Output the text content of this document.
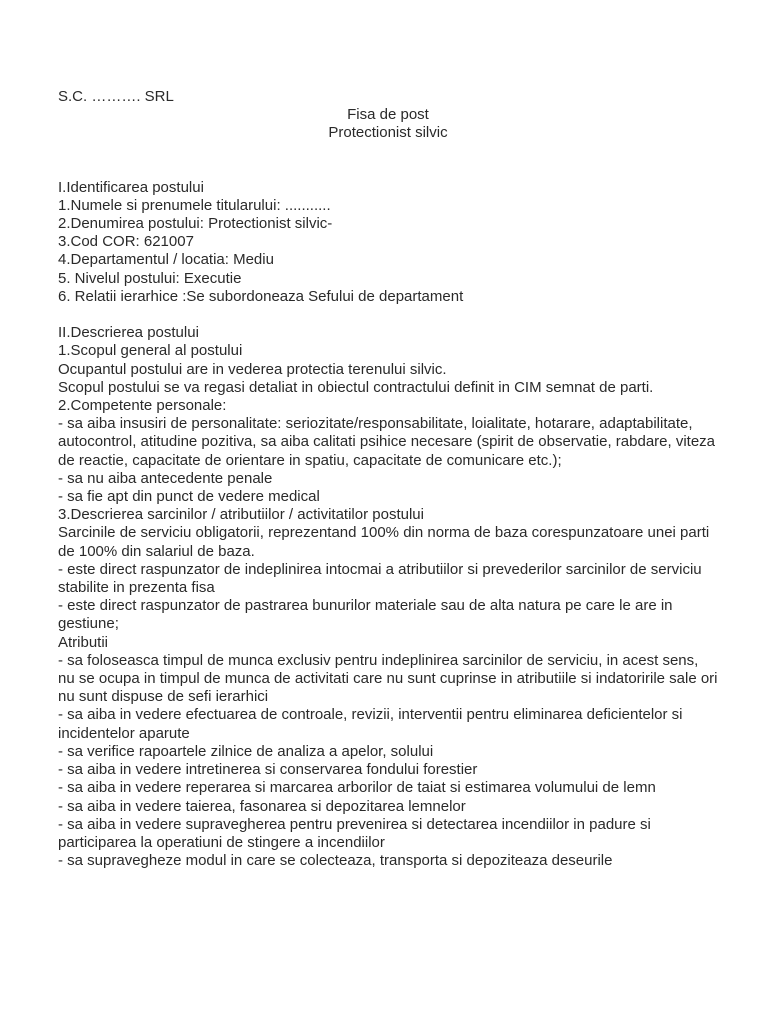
S.C. ………. SRL
Fisa de post
Protectionist silvic
I.Identificarea postului
1.Numele si prenumele titularului: ...........
2.Denumirea postului: Protectionist silvic-
3.Cod COR: 621007
4.Departamentul / locatia: Mediu
5. Nivelul postului: Executie
6. Relatii ierarhice :Se subordoneaza Sefului de departament
II.Descrierea postului
1.Scopul general al postului
Ocupantul postului are in vederea protectia terenului silvic.
Scopul postului se va regasi detaliat in obiectul contractului definit in CIM semnat de parti.
2.Competente personale:
- sa aiba insusiri de personalitate: seriozitate/responsabilitate, loialitate, hotarare, adaptabilitate, autocontrol, atitudine pozitiva, sa aiba calitati psihice necesare (spirit de observatie, rabdare, viteza de reactie, capacitate de orientare in spatiu, capacitate de comunicare etc.);
- sa nu aiba antecedente penale
- sa fie apt din punct de vedere medical
3.Descrierea sarcinilor / atributiilor / activitatilor postului
Sarcinile de serviciu obligatorii, reprezentand 100% din norma de baza corespunzatoare unei parti de 100% din salariul de baza.
- este direct raspunzator de indeplinirea intocmai a atributiilor si prevederilor sarcinilor de serviciu stabilite in prezenta fisa
- este direct raspunzator de pastrarea bunurilor materiale sau de alta natura pe care le are in gestiune;
Atributii
- sa foloseasca timpul de munca exclusiv pentru indeplinirea sarcinilor de serviciu, in acest sens, nu se ocupa in timpul de munca de activitati care nu sunt cuprinse in atributiile si indatoririle sale ori nu sunt dispuse de sefi ierarhici
- sa aiba in vedere efectuarea de controale, revizii, interventii pentru eliminarea deficientelor si incidentelor aparute
- sa verifice rapoartele zilnice de analiza a apelor, solului
- sa aiba in vedere intretinerea si conservarea fondului forestier
- sa aiba in vedere reperarea si marcarea arborilor de taiat si estimarea volumului de lemn
- sa aiba in vedere taierea, fasonarea si depozitarea lemnelor
- sa aiba in vedere supravegherea pentru prevenirea si detectarea incendiilor in padure si participarea la operatiuni de stingere a incendiilor
- sa supravegheze modul in care se colecteaza, transporta si depoziteaza deseurile
